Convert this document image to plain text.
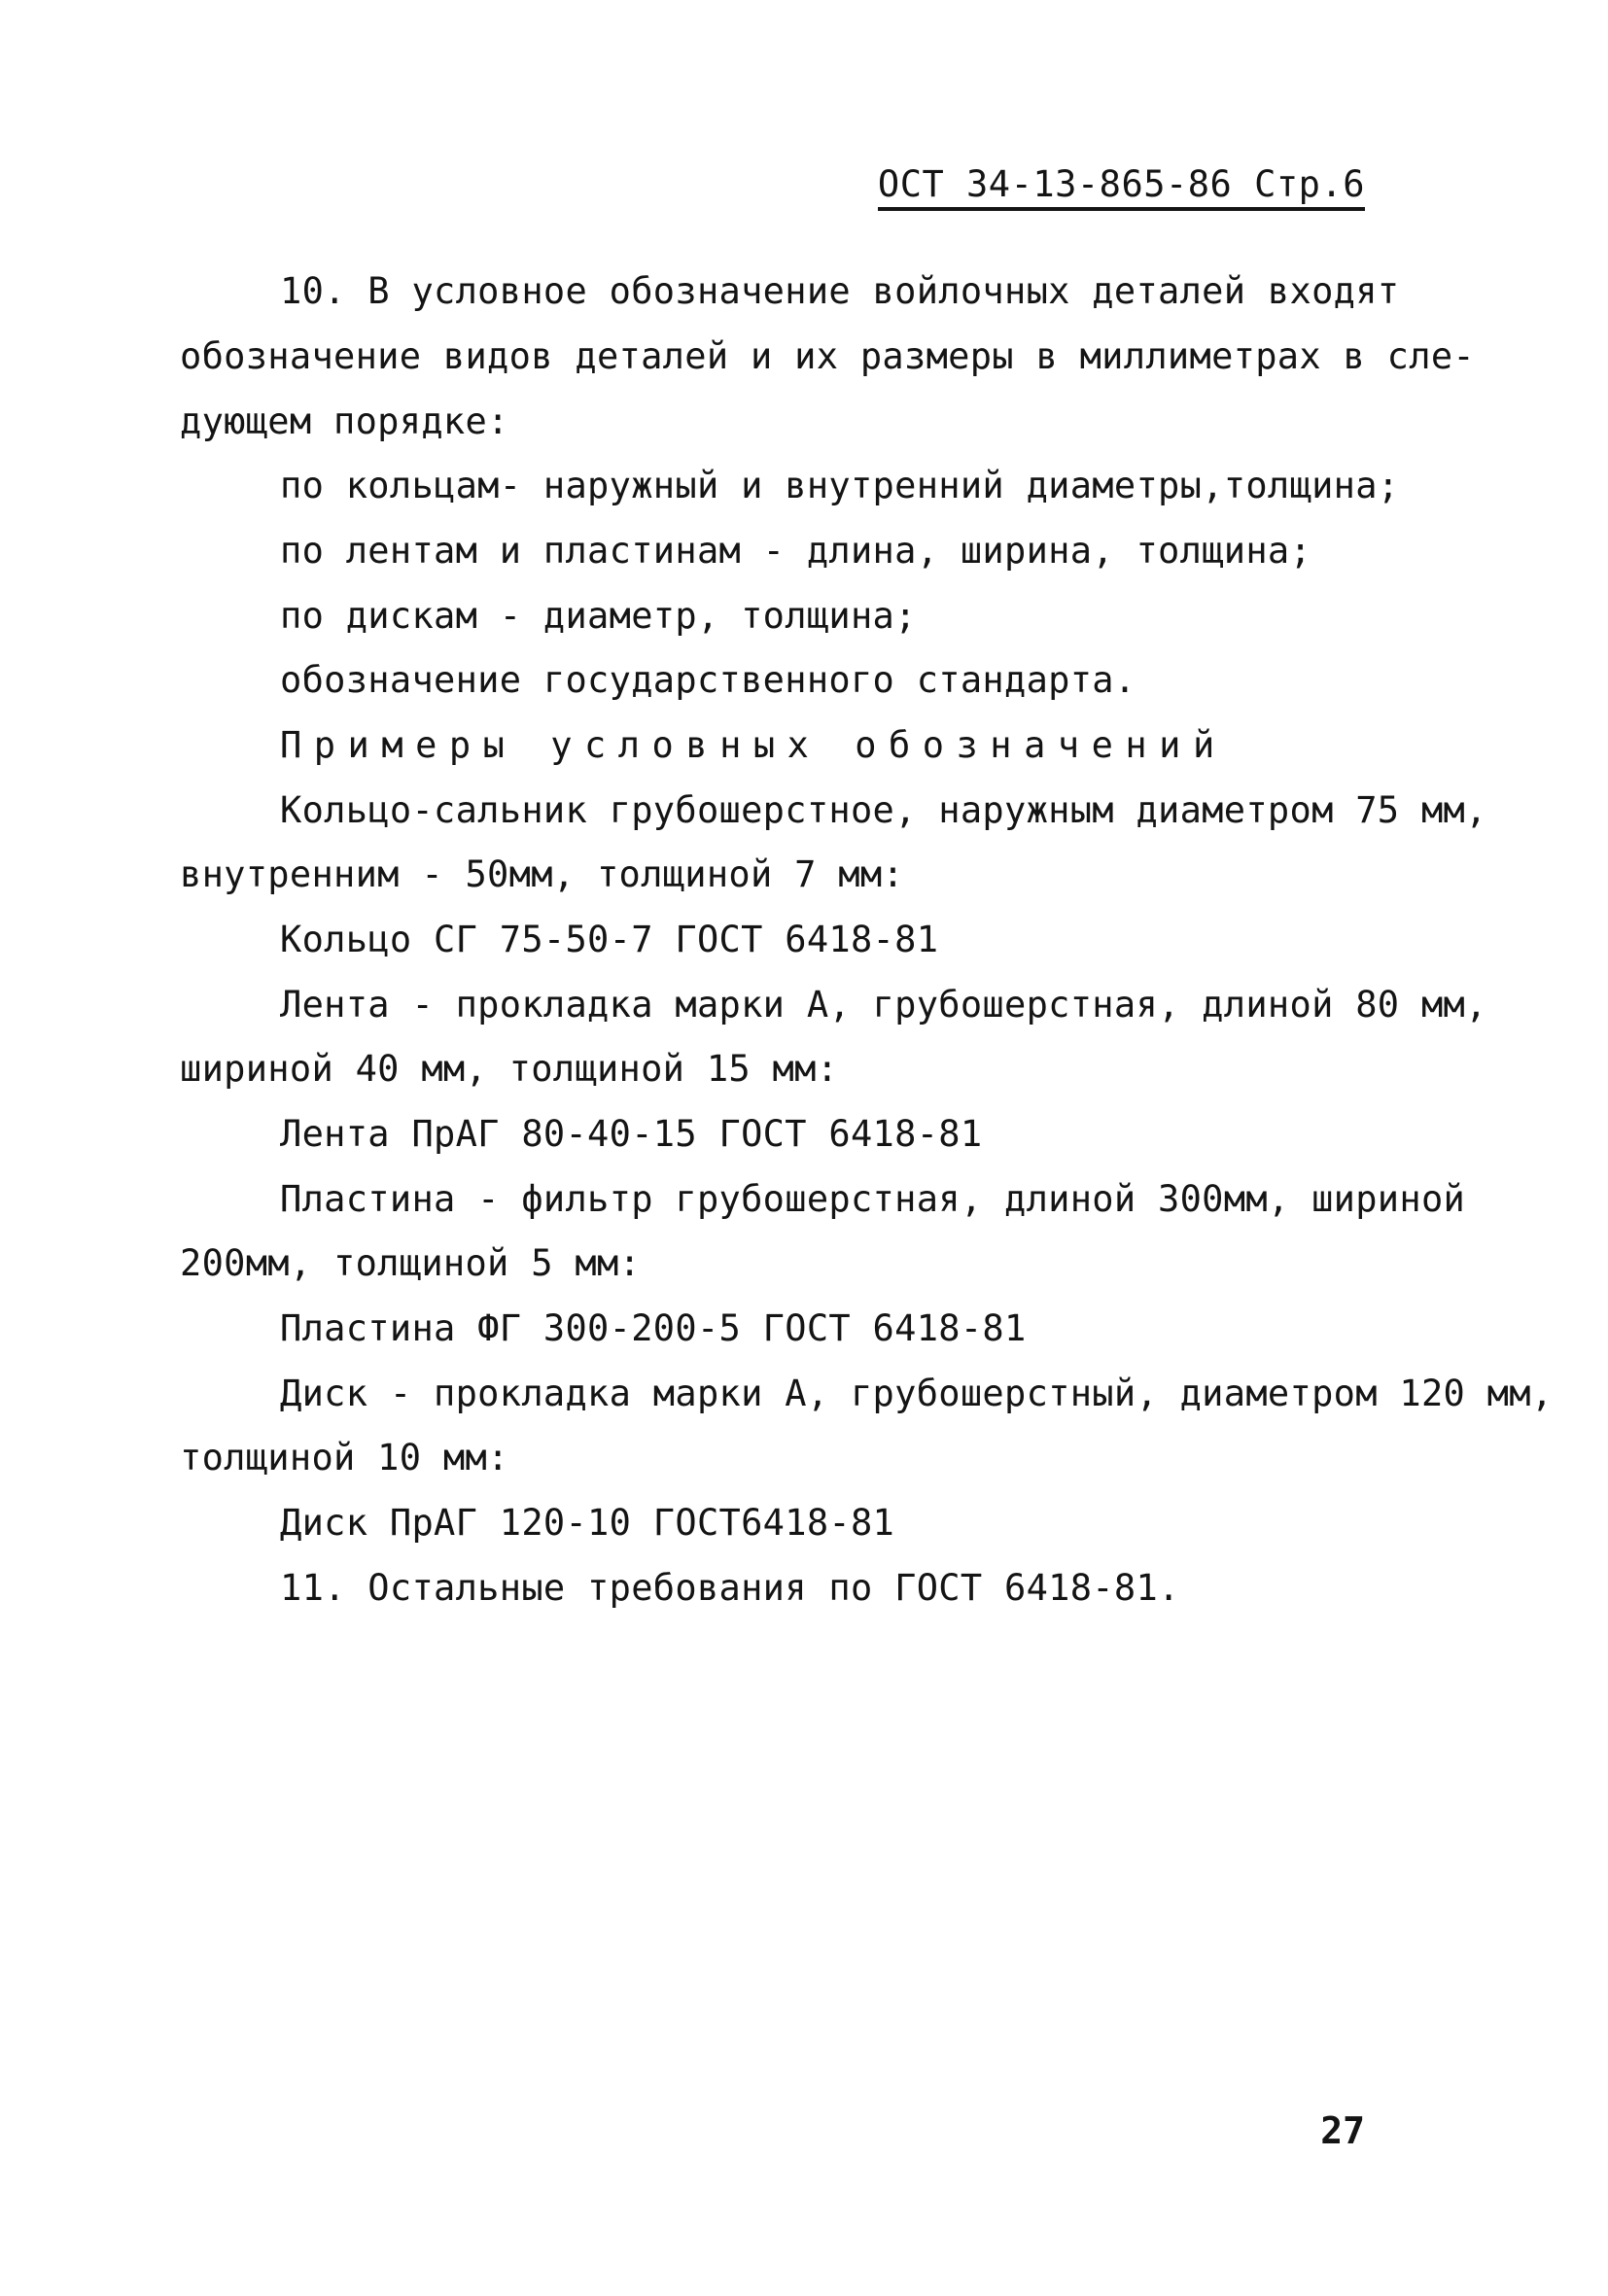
ОСТ 34-13-865-86 Стр.6
10. В условное обозначение войлочных деталей входят
обозначение видов деталей и их размеры в миллиметрах в сле-
дующем порядке:
по кольцам- наружный и внутренний диаметры,толщина;
по лентам и пластинам - длина, ширина, толщина;
по дискам - диаметр, толщина;
обозначение государственного стандарта.
Примеры условных обозначений
Кольцо-сальник грубошерстное, наружным диаметром 75 мм,
внутренним - 50мм, толщиной 7 мм:
Кольцо СГ 75-50-7 ГОСТ 6418-81
Лента - прокладка марки А, грубошерстная, длиной 80 мм,
шириной 40 мм, толщиной 15 мм:
Лента ПрАГ 80-40-15 ГОСТ 6418-81
Пластина - фильтр грубошерстная, длиной 300мм, шириной
200мм, толщиной 5 мм:
Пластина ФГ 300-200-5 ГОСТ 6418-81
Диск - прокладка марки А, грубошерстный, диаметром 120 мм,
толщиной 10 мм:
Диск ПрАГ 120-10 ГОСТ6418-81
11. Остальные требования по ГОСТ 6418-81.
27
